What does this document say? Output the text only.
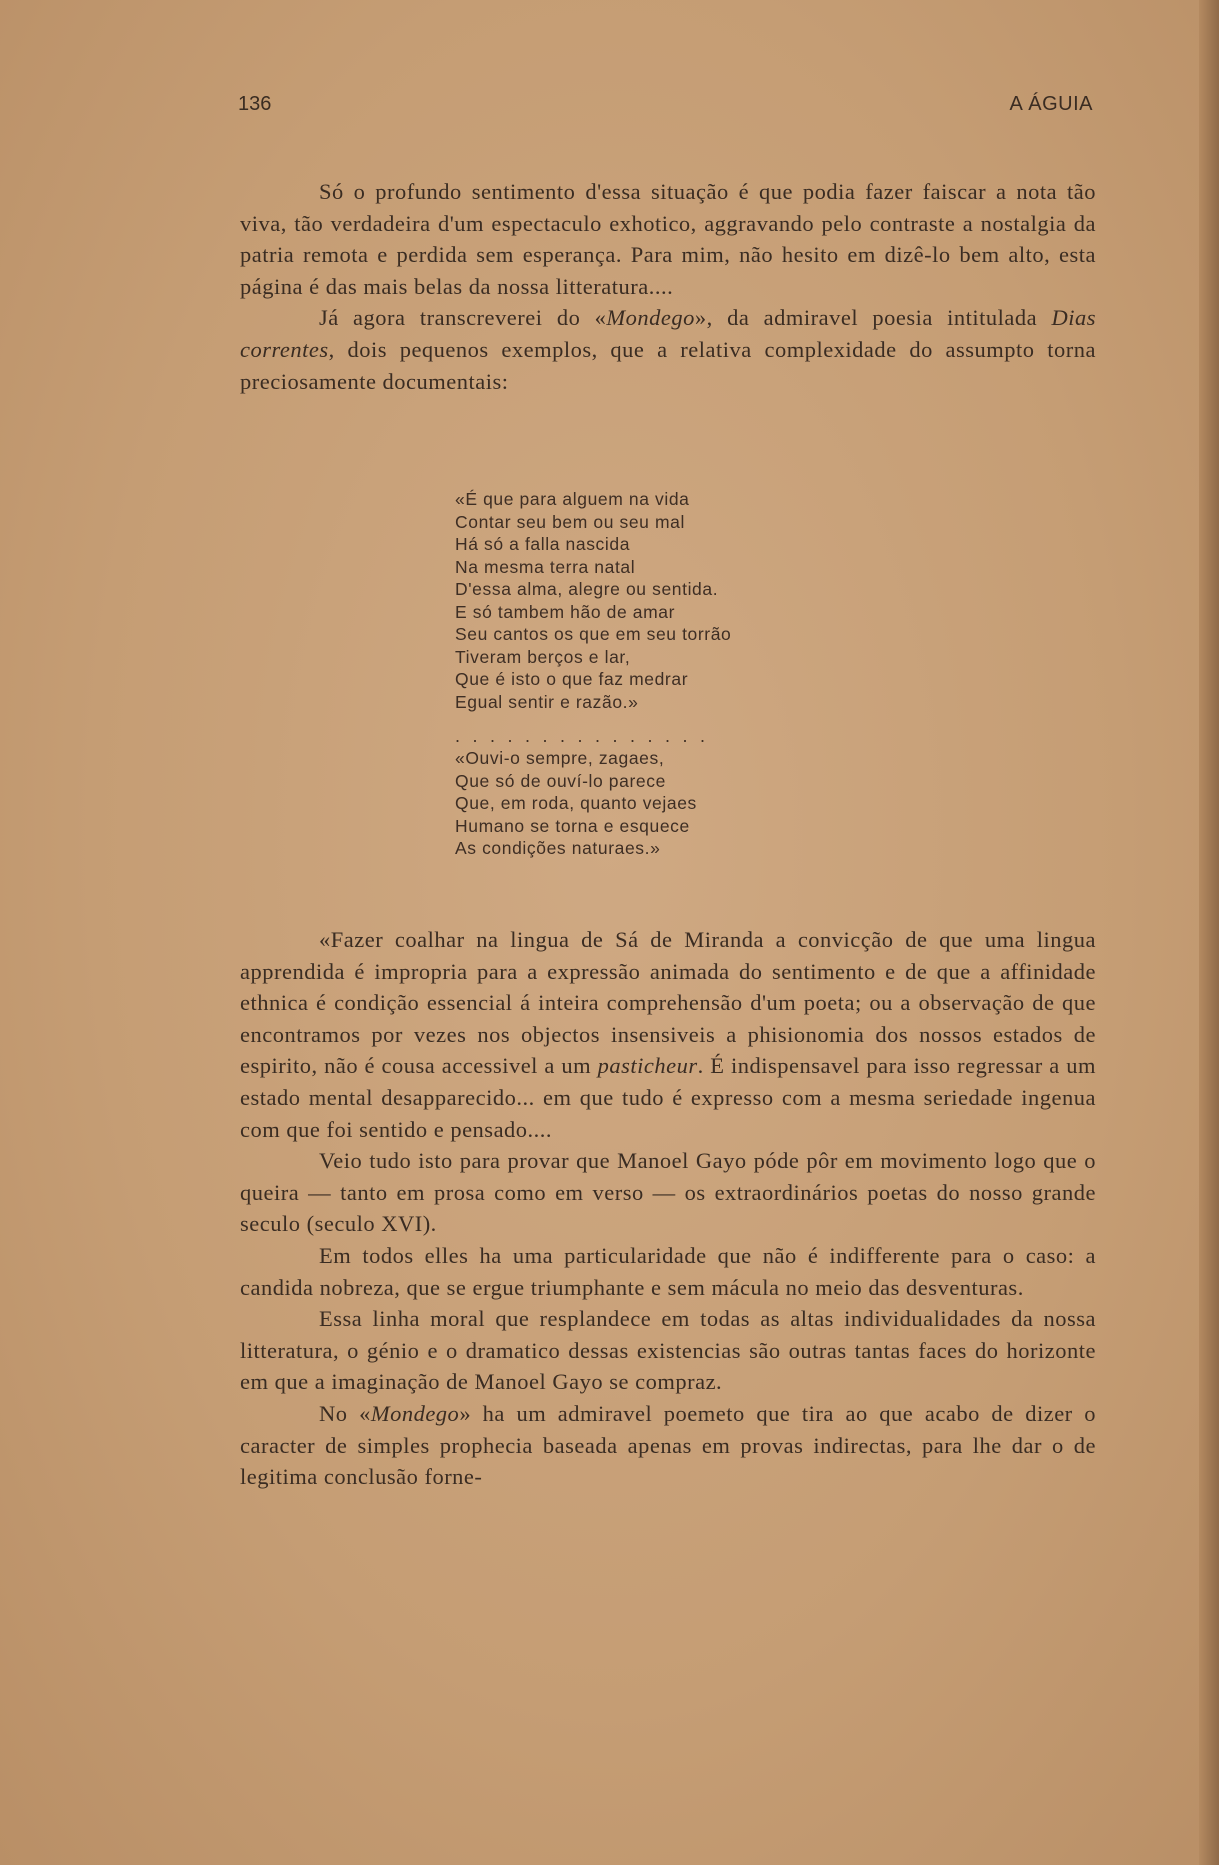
136	A ÁGUIA

Só o profundo sentimento d'essa situação é que podia fazer faiscar a nota tão viva, tão verdadeira d'um espectaculo exhotico, aggravando pelo contraste a nostalgia da patria remota e perdida sem esperança. Para mim, não hesito em dizê-lo bem alto, esta página é das mais belas da nossa litteratura....

Já agora transcreverei do «Mondego», da admiravel poesia intitulada Dias correntes, dois pequenos exemplos, que a relativa complexidade do assumpto torna preciosamente documentais:

«É que para alguem na vida
Contar seu bem ou seu mal
Há só a falla nascida
Na mesma terra natal
D'essa alma, alegre ou sentida.
E só tambem hão de amar
Seu cantos os que em seu torrão
Tiveram berços e lar,
Que é isto o que faz medrar
Egual sentir e razão.»
...............
«Ouvi-o sempre, zagaes,
Que só de ouví-lo parece
Que, em roda, quanto vejaes
Humano se torna e esquece
As condições naturaes.»

«Fazer coalhar na lingua de Sá de Miranda a convicção de que uma lingua apprendida é impropria para a expressão animada do sentimento e de que a affinidade ethnica é condição essencial á inteira comprehensão d'um poeta; ou a observação de que encontramos por vezes nos objectos insensiveis a phisionomia dos nossos estados de espirito, não é cousa accessivel a um pasticheur. É indispensavel para isso regressar a um estado mental desapparecido... em que tudo é expresso com a mesma seriedade ingenua com que foi sentido e pensado....

Veio tudo isto para provar que Manoel Gayo póde pôr em movimento logo que o queira — tanto em prosa como em verso — os extraordinários poetas do nosso grande seculo (seculo XVI).

Em todos elles ha uma particularidade que não é indifferente para o caso: a candida nobreza, que se ergue triumphante e sem mácula no meio das desventuras.

Essa linha moral que resplandece em todas as altas individualidades da nossa litteratura, o génio e o dramatico dessas existencias são outras tantas faces do horizonte em que a imaginação de Manoel Gayo se compraz.

No «Mondego» ha um admiravel poemeto que tira ao que acabo de dizer o caracter de simples prophecia baseada apenas em provas indirectas, para lhe dar o de legitima conclusão forne-
